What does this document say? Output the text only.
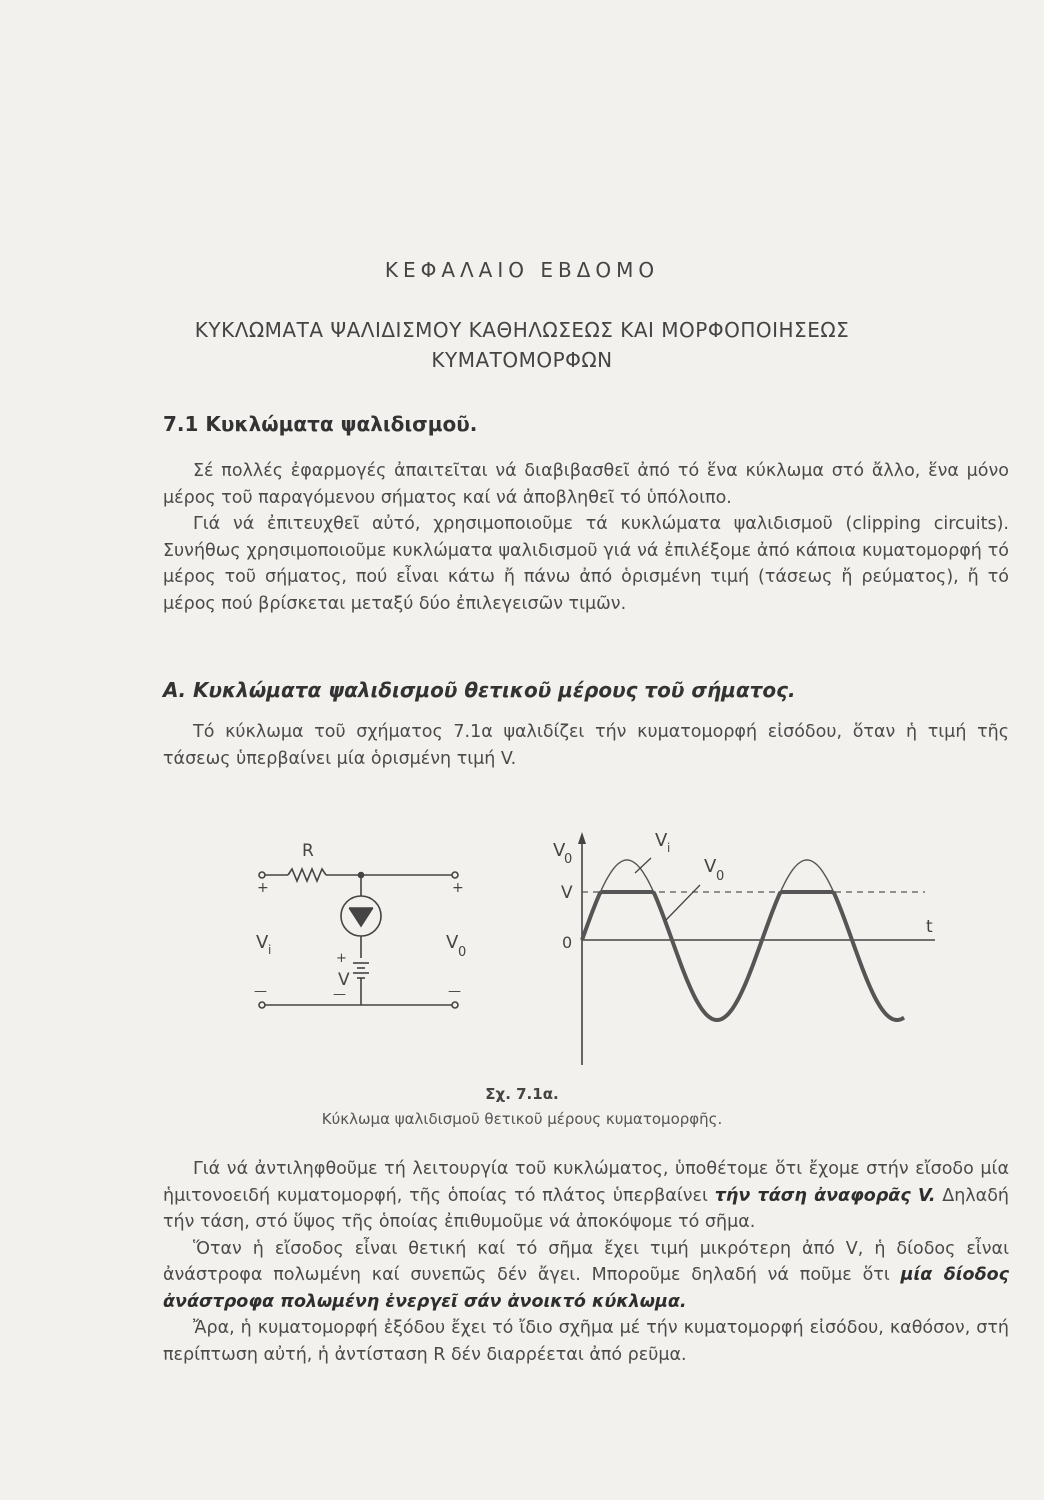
ΚΕΦΑΛΑΙΟ ΕΒΔΟΜΟ
ΚΥΚΛΩΜΑΤΑ ΨΑΛΙΔΙΣΜΟΥ ΚΑΘΗΛΩΣΕΩΣ ΚΑΙ ΜΟΡΦΟΠΟΙΗΣΕΩΣ
ΚΥΜΑΤΟΜΟΡΦΩΝ
7.1 Κυκλώματα ψαλιδισμοῦ.

Σέ πολλές ἐφαρμογές ἀπαιτεῖται νά διαβιβασθεῖ ἀπό τό ἕνα κύκλωμα στό ἄλλο, ἕνα μόνο μέρος τοῦ παραγόμενου σήματος καί νά ἀποβληθεῖ τό ὑπόλοιπο.

Γιά νά ἐπιτευχθεῖ αὐτό, χρησιμοποιοῦμε τά κυκλώματα ψαλιδισμοῦ (clipping circuits). Συνήθως χρησιμοποιοῦμε κυκλώματα ψαλιδισμοῦ γιά νά ἐπιλέξομε ἀπό κάποια κυματομορφή τό μέρος τοῦ σήματος, πού εἶναι κάτω ἤ πάνω ἀπό ὁρισμένη τιμή (τάσεως ἤ ρεύματος), ἤ τό μέρος πού βρίσκεται μεταξύ δύο ἐπιλεγεισῶν τιμῶν.

Α. Κυκλώματα ψαλιδισμοῦ θετικοῦ μέρους τοῦ σήματος.

Τό κύκλωμα τοῦ σχήματος 7.1α ψαλιδίζει τήν κυματομορφή εἰσόδου, ὅταν ἡ τιμή τῆς τάσεως ὑπερβαίνει μία ὁρισμένη τιμή V.

R
+	+
V i	V 0
+
V
—	—
—
V
0
V i
V 0
V
0
t
Σχ. 7.1α.
Κύκλωμα ψαλιδισμοῦ θετικοῦ μέρους κυματομορφῆς.

Γιά νά ἀντιληφθοῦμε τή λειτουργία τοῦ κυκλώματος, ὑποθέτομε ὅτι ἔχομε στήν εἴσοδο μία ἡμιτονοειδή κυματομορφή, τῆς ὁποίας τό πλάτος ὑπερβαίνει τήν τάση ἀναφορᾶς V. Δηλαδή τήν τάση, στό ὕψος τῆς ὁποίας ἐπιθυμοῦμε νά ἀποκόψομε τό σῆμα.

Ὅταν ἡ εἴσοδος εἶναι θετική καί τό σῆμα ἔχει τιμή μικρότερη ἀπό V, ἡ δίοδος εἶναι ἀνάστροφα πολωμένη καί συνεπῶς δέν ἄγει. Μποροῦμε δηλαδή νά ποῦμε ὅτι μία δίοδος ἀνάστροφα πολωμένη ἐνεργεῖ σάν ἀνοικτό κύκλωμα.

Ἄρα, ἡ κυματομορφή ἐξόδου ἔχει τό ἴδιο σχῆμα μέ τήν κυματομορφή εἰσόδου, καθόσον, στή περίπτωση αὐτή, ἡ ἀντίσταση R δέν διαρρέεται ἀπό ρεῦμα.
